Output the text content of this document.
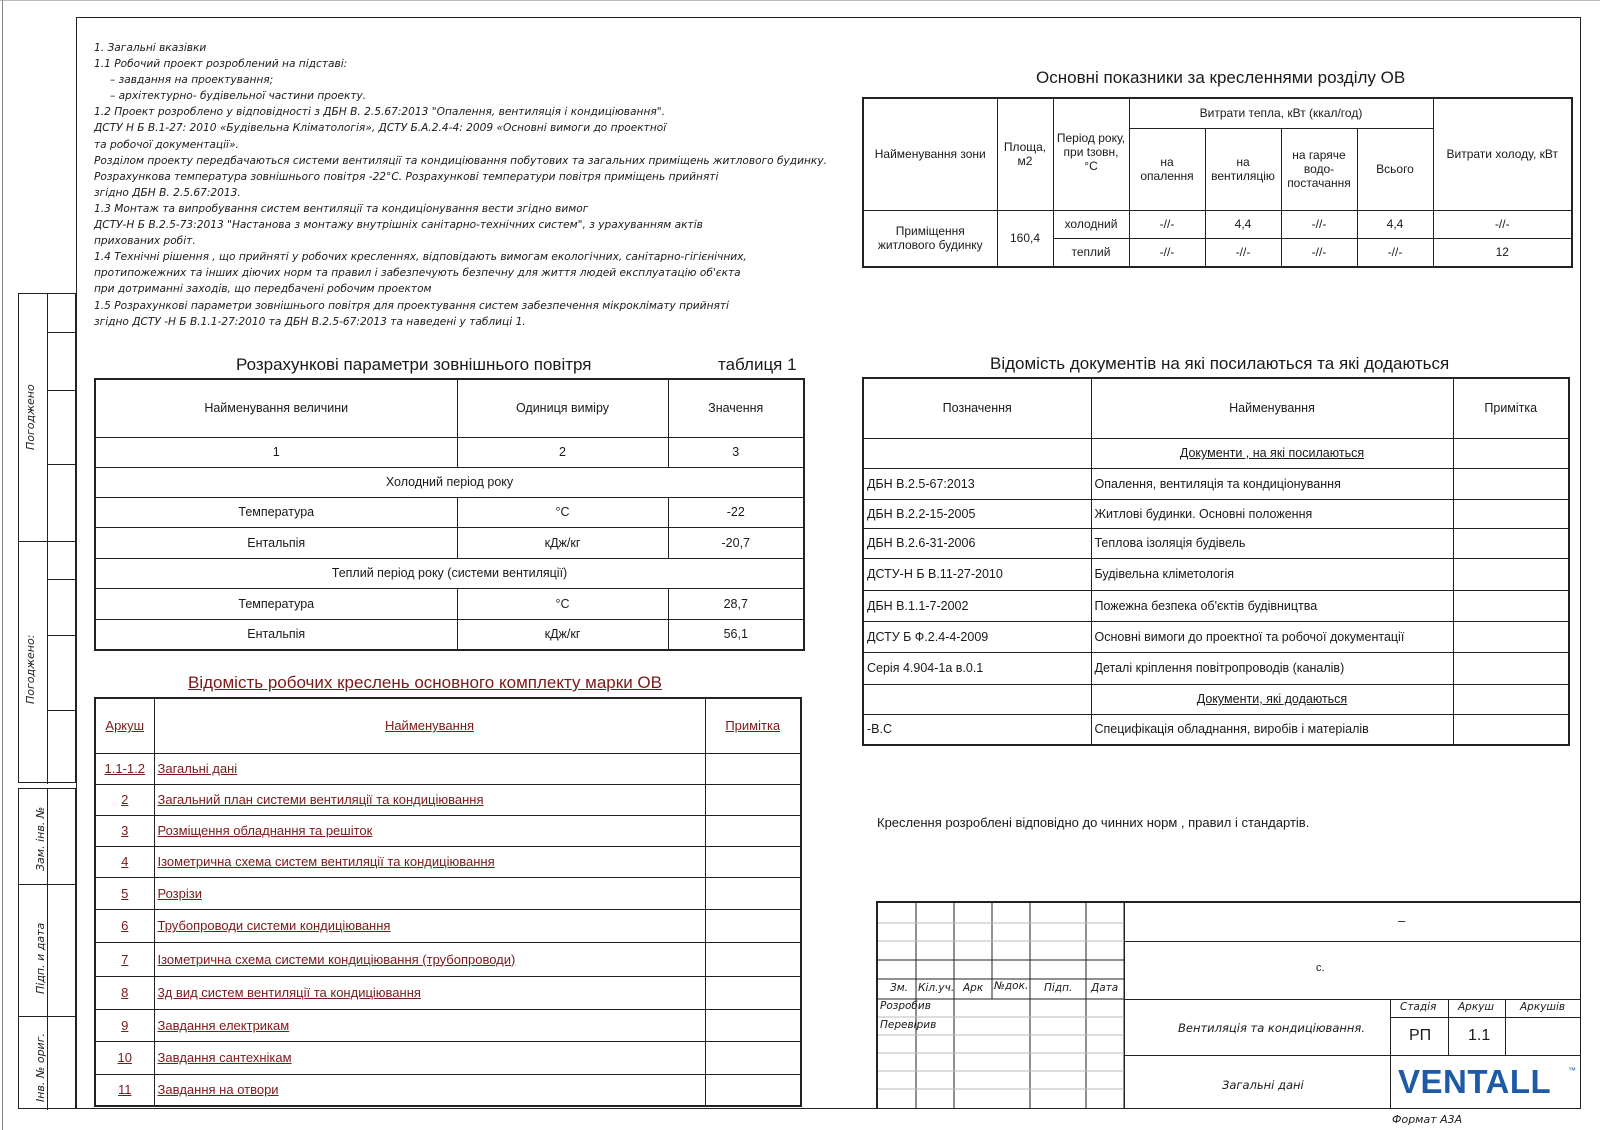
Погоджено
Погоджено:
Зам. інв. №
Підп. и дата
Інв. № ориг.
1. Загальні вказівки
1.1 Робочий проект розроблений на підставі:
– завдання на проектування;
– архітектурно- будівельної частини проекту.
1.2 Проект розроблено у відповідності з ДБН В. 2.5.67:2013 "Опалення, вентиляція і кондиціювання".
ДСТУ Н Б В.1-27: 2010 «Будівельна Кліматологія», ДСТУ Б.А.2.4-4: 2009 «Основні вимоги до проектної
та робочої документації».
Розділом проекту передбачаються системи вентиляції та кондиціювання побутових та загальних приміщень житлового будинку.
Розрахункова температура зовнішнього повітря -22°С. Розрахункові температури повітря приміщень прийняті
згідно ДБН В. 2.5.67:2013.
1.3 Монтаж та випробування систем вентиляції та кондиціонування вести згідно вимог
ДСТУ-Н Б В.2.5-73:2013 "Настанова з монтажу внутрішніх санітарно-технічних систем", з урахуванням актів
прихованих робіт.
1.4 Технічні рішення , що прийняті у робочих кресленнях, відповідають вимогам екологічних, санітарно-гігієнічних,
протипожежних та інших діючих норм та правил і забезпечують безпечну для життя людей експлуатацію об'єкта
при дотриманні заходів, що передбачені робочим проектом
1.5 Розрахункові параметри зовнішнього повітря для проектування систем забезпечення мікроклімату прийняті
згідно ДСТУ -Н Б В.1.1-27:2010 та ДБН В.2.5-67:2013 та наведені у таблиці 1.
Розрахункові параметри зовнішнього повітря	таблиця 1
Найменування величини	Одиниця виміру	Значення
1	2	3
Холодний період року		
Температура	°С	-22
Ентальпія	кДж/кг	-20,7
Теплий період року (системи вентиляції)		
Температура	°С	28,7
Ентальпія	кДж/кг	56,1
Відомість робочих креслень основного комплекту марки ОВ
Аркуш	Найменування	Примітка
1.1-1.2	Загальні дані	
2	Загальний план системи вентиляції та кондиціювання	
3	Розміщення обладнання та решіток	
4	Ізометрична схема систем вентиляції та кондиціювання	
5	Розрізи	
6	Трубопроводи системи кондиціювання	
7	Ізометрична схема системи кондиціювання (трубопроводи)	
8	3д вид систем вентиляції та кондиціювання	
9	Завдання електрикам	
10	Завдання сантехнікам	
11	Завдання на отвори	
Основні показники за кресленнями розділу ОВ
Найменування зони	Площа, м2	Період року, при tзовн, °С	Витрати тепла, кВт (ккал/год)				Витрати холоду, кВт
			на опалення	на вентиляцію	на гаряче водо-постачання	Всього	
Приміщення житлового будинку	160,4	холодний	-//-	4,4	-//-	4,4	-//-
		теплий	-//-	-//-	-//-	-//-	12
Відомість документів на які посилаються та які додаються
Позначення	Найменування	Примітка
	Документи , на які посилаються	
ДБН В.2.5-67:2013	Опалення, вентиляція та кондиціонування	
ДБН В.2.2-15-2005	Житлові будинки. Основні положення	
ДБН В.2.6-31-2006	Теплова ізоляція будівель	
ДСТУ-Н Б В.11-27-2010	Будівельна кліметологія	
ДБН В.1.1-7-2002	Пожежна безпека об'єктів будівництва	
ДСТУ Б Ф.2.4-4-2009	Основні вимоги до проектної та робочої документації	
Серія 4.904-1а в.0.1	Деталі кріплення повітропроводів (каналів)	
	Документи, які додаються	
-В.С	Специфікація обладнання, виробів і матеріалів	
Креслення розроблені відповідно до чинних норм , правил і стандартів.
Зм. Кіл.уч. Арк №док. Підп. Дата
Розробив
Перевірив
–
с.
Вентиляція та кондиціювання.
Загальні дані
Стадія Аркуш Аркушів
РП 1.1
VENTALL ™
Формат А3А
